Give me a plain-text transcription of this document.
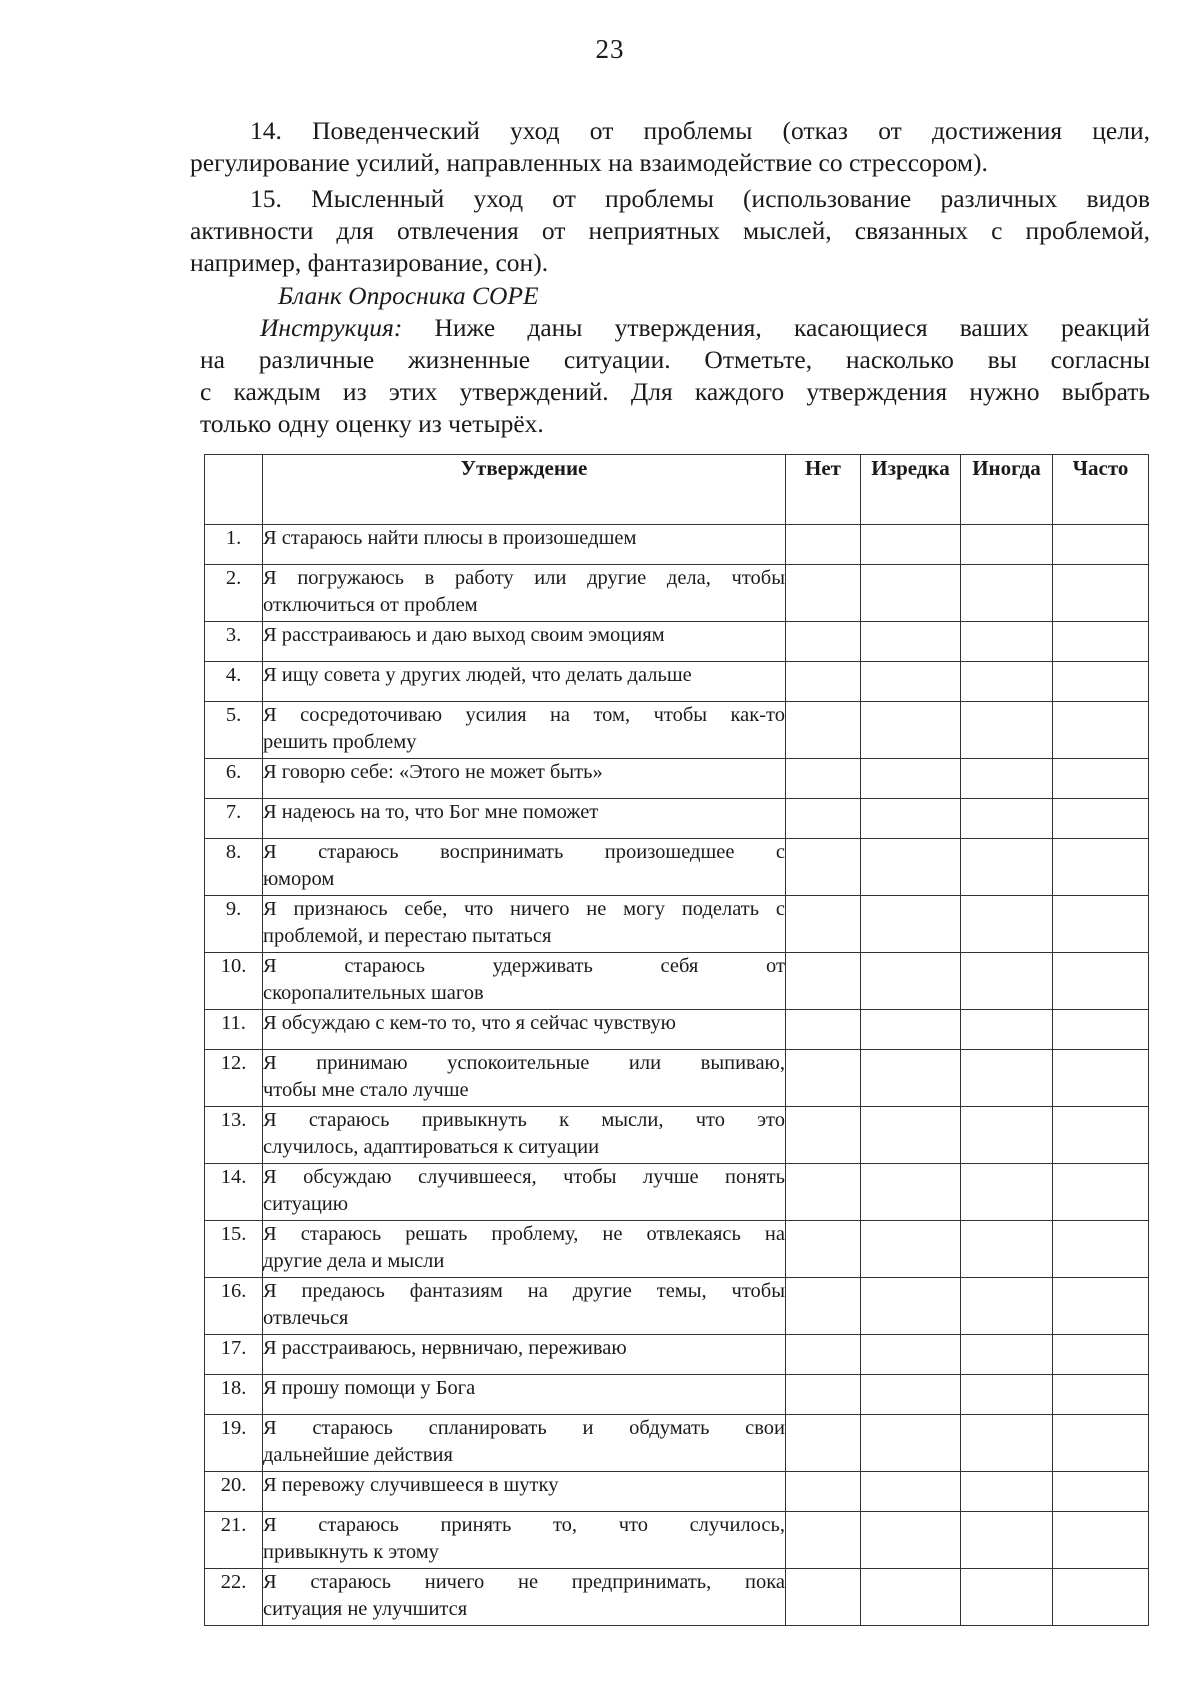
23
14. Поведенческий уход от проблемы (отказ от достижения цели,
регулирование усилий, направленных на взаимодействие со стрессором).
15. Мысленный уход от проблемы (использование различных видов
активности для отвлечения от неприятных мыслей, связанных с проблемой,
например, фантазирование, сон).
Бланк Опросника COPE
Инструкция: Ниже даны утверждения, касающиеся ваших реакций
на различные жизненные ситуации. Отметьте, насколько вы согласны
с каждым из этих утверждений. Для каждого утверждения нужно выбрать
только одну оценку из четырёх.
	Утверждение	Нет	Изредка	Иногда	Часто
1.	Я стараюсь найти плюсы в произошедшем				

2.	Я погружаюсь в работу или другие дела, чтобы
отключиться от проблем				

3.	Я расстраиваюсь и даю выход своим эмоциям				

4.	Я ищу совета у других людей, что делать дальше				

5.	Я сосредоточиваю усилия на том, чтобы как-то
решить проблему				

6.	Я говорю себе: «Этого не может быть»				

7.	Я надеюсь на то, что Бог мне поможет				

8.	Я стараюсь воспринимать произошедшее с
юмором				

9.	Я признаюсь себе, что ничего не могу поделать с
проблемой, и перестаю пытаться				

10.	Я стараюсь удерживать себя от
скоропалительных шагов				

11.	Я обсуждаю с кем-то то, что я сейчас чувствую				

12.	Я принимаю успокоительные или выпиваю,
чтобы мне стало лучше				

13.	Я стараюсь привыкнуть к мысли, что это
случилось, адаптироваться к ситуации				

14.	Я обсуждаю случившееся, чтобы лучше понять
ситуацию				

15.	Я стараюсь решать проблему, не отвлекаясь на
другие дела и мысли				

16.	Я предаюсь фантазиям на другие темы, чтобы
отвлечься				

17.	Я расстраиваюсь, нервничаю, переживаю				

18.	Я прошу помощи у Бога				

19.	Я стараюсь спланировать и обдумать свои
дальнейшие действия				

20.	Я перевожу случившееся в шутку				

21.	Я стараюсь принять то, что случилось,
привыкнуть к этому				

22.	Я стараюсь ничего не предпринимать, пока
ситуация не улучшится				
